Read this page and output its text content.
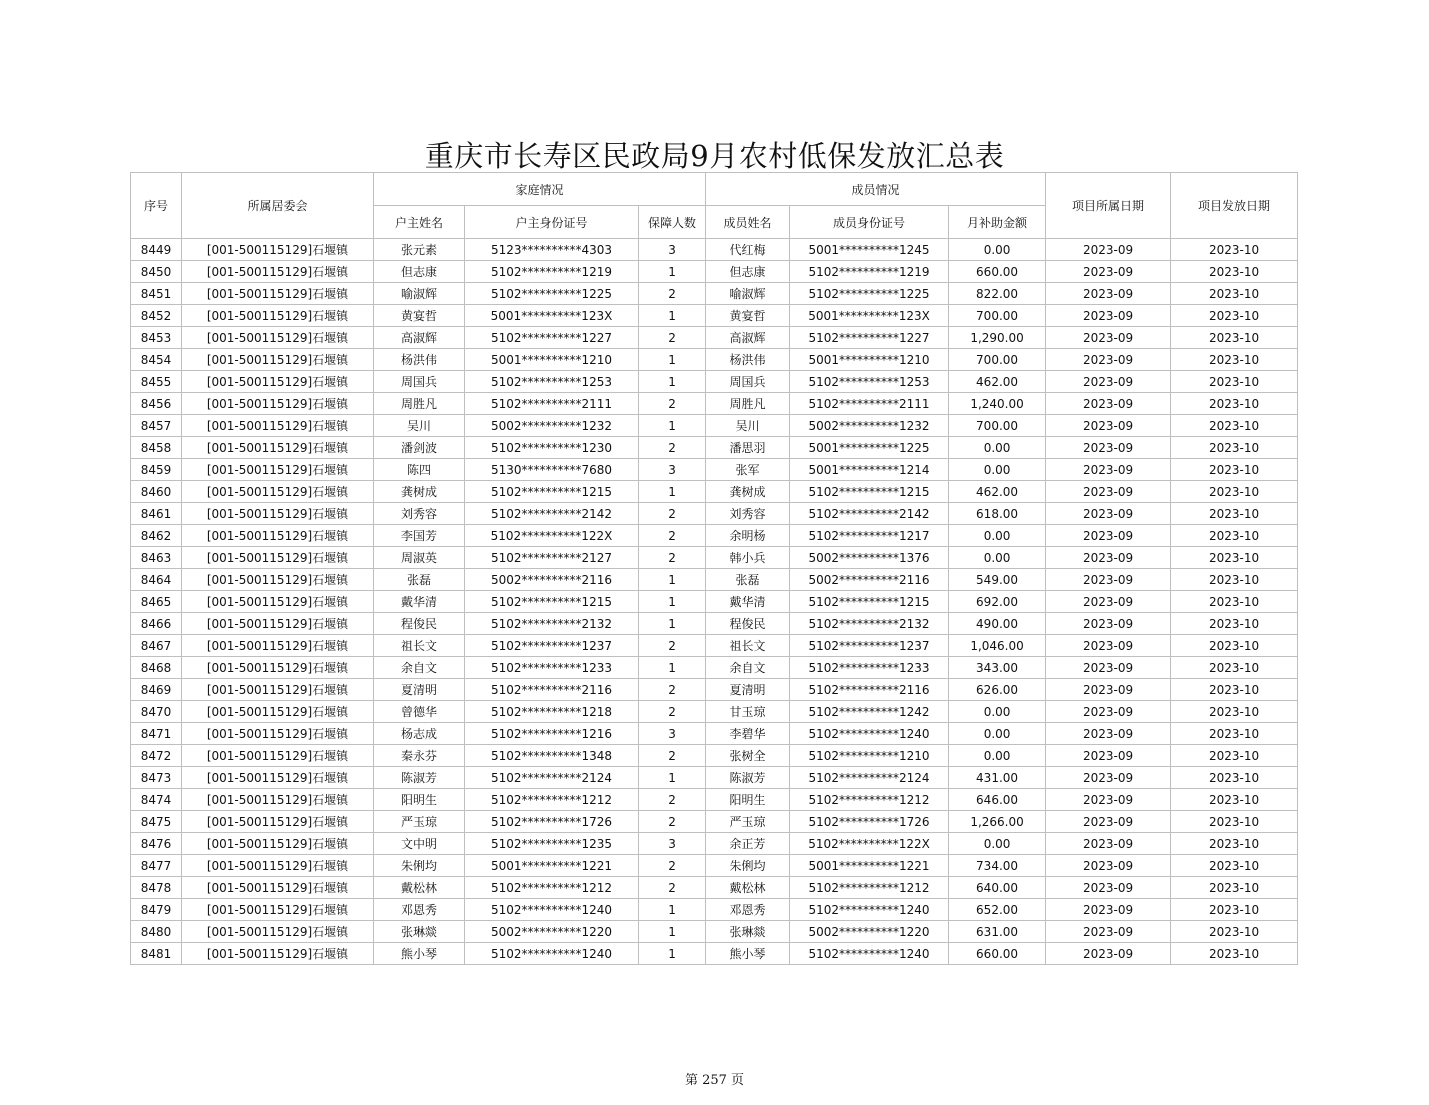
重庆市长寿区民政局9月农村低保发放汇总表
序号	所属居委会	家庭情况			成员情况			项目所属日期	项目发放日期
		户主姓名	户主身份证号	保障人数	成员姓名	成员身份证号	月补助金额		
8449	[001-500115129]石堰镇	张元素	5123**********4303	3	代红梅	5001**********1245	0.00	2023-09	2023-10
8450	[001-500115129]石堰镇	但志康	5102**********1219	1	但志康	5102**********1219	660.00	2023-09	2023-10
8451	[001-500115129]石堰镇	喻淑辉	5102**********1225	2	喻淑辉	5102**********1225	822.00	2023-09	2023-10
8452	[001-500115129]石堰镇	黄宴哲	5001**********123X	1	黄宴哲	5001**********123X	700.00	2023-09	2023-10
8453	[001-500115129]石堰镇	高淑辉	5102**********1227	2	高淑辉	5102**********1227	1,290.00	2023-09	2023-10
8454	[001-500115129]石堰镇	杨洪伟	5001**********1210	1	杨洪伟	5001**********1210	700.00	2023-09	2023-10
8455	[001-500115129]石堰镇	周国兵	5102**********1253	1	周国兵	5102**********1253	462.00	2023-09	2023-10
8456	[001-500115129]石堰镇	周胜凡	5102**********2111	2	周胜凡	5102**********2111	1,240.00	2023-09	2023-10
8457	[001-500115129]石堰镇	吴川	5002**********1232	1	吴川	5002**********1232	700.00	2023-09	2023-10
8458	[001-500115129]石堰镇	潘剑波	5102**********1230	2	潘思羽	5001**********1225	0.00	2023-09	2023-10
8459	[001-500115129]石堰镇	陈四	5130**********7680	3	张军	5001**********1214	0.00	2023-09	2023-10
8460	[001-500115129]石堰镇	龚树成	5102**********1215	1	龚树成	5102**********1215	462.00	2023-09	2023-10
8461	[001-500115129]石堰镇	刘秀容	5102**********2142	2	刘秀容	5102**********2142	618.00	2023-09	2023-10
8462	[001-500115129]石堰镇	李国芳	5102**********122X	2	余明杨	5102**********1217	0.00	2023-09	2023-10
8463	[001-500115129]石堰镇	周淑英	5102**********2127	2	韩小兵	5002**********1376	0.00	2023-09	2023-10
8464	[001-500115129]石堰镇	张磊	5002**********2116	1	张磊	5002**********2116	549.00	2023-09	2023-10
8465	[001-500115129]石堰镇	戴华清	5102**********1215	1	戴华清	5102**********1215	692.00	2023-09	2023-10
8466	[001-500115129]石堰镇	程俊民	5102**********2132	1	程俊民	5102**********2132	490.00	2023-09	2023-10
8467	[001-500115129]石堰镇	祖长文	5102**********1237	2	祖长文	5102**********1237	1,046.00	2023-09	2023-10
8468	[001-500115129]石堰镇	余自文	5102**********1233	1	余自文	5102**********1233	343.00	2023-09	2023-10
8469	[001-500115129]石堰镇	夏清明	5102**********2116	2	夏清明	5102**********2116	626.00	2023-09	2023-10
8470	[001-500115129]石堰镇	曾德华	5102**********1218	2	甘玉琼	5102**********1242	0.00	2023-09	2023-10
8471	[001-500115129]石堰镇	杨志成	5102**********1216	3	李碧华	5102**********1240	0.00	2023-09	2023-10
8472	[001-500115129]石堰镇	秦永芬	5102**********1348	2	张树全	5102**********1210	0.00	2023-09	2023-10
8473	[001-500115129]石堰镇	陈淑芳	5102**********2124	1	陈淑芳	5102**********2124	431.00	2023-09	2023-10
8474	[001-500115129]石堰镇	阳明生	5102**********1212	2	阳明生	5102**********1212	646.00	2023-09	2023-10
8475	[001-500115129]石堰镇	严玉琼	5102**********1726	2	严玉琼	5102**********1726	1,266.00	2023-09	2023-10
8476	[001-500115129]石堰镇	文中明	5102**********1235	3	余正芳	5102**********122X	0.00	2023-09	2023-10
8477	[001-500115129]石堰镇	朱俐均	5001**********1221	2	朱俐均	5001**********1221	734.00	2023-09	2023-10
8478	[001-500115129]石堰镇	戴松林	5102**********1212	2	戴松林	5102**********1212	640.00	2023-09	2023-10
8479	[001-500115129]石堰镇	邓恩秀	5102**********1240	1	邓恩秀	5102**********1240	652.00	2023-09	2023-10
8480	[001-500115129]石堰镇	张琳燚	5002**********1220	1	张琳燚	5002**********1220	631.00	2023-09	2023-10
8481	[001-500115129]石堰镇	熊小琴	5102**********1240	1	熊小琴	5102**********1240	660.00	2023-09	2023-10
第 257 页
